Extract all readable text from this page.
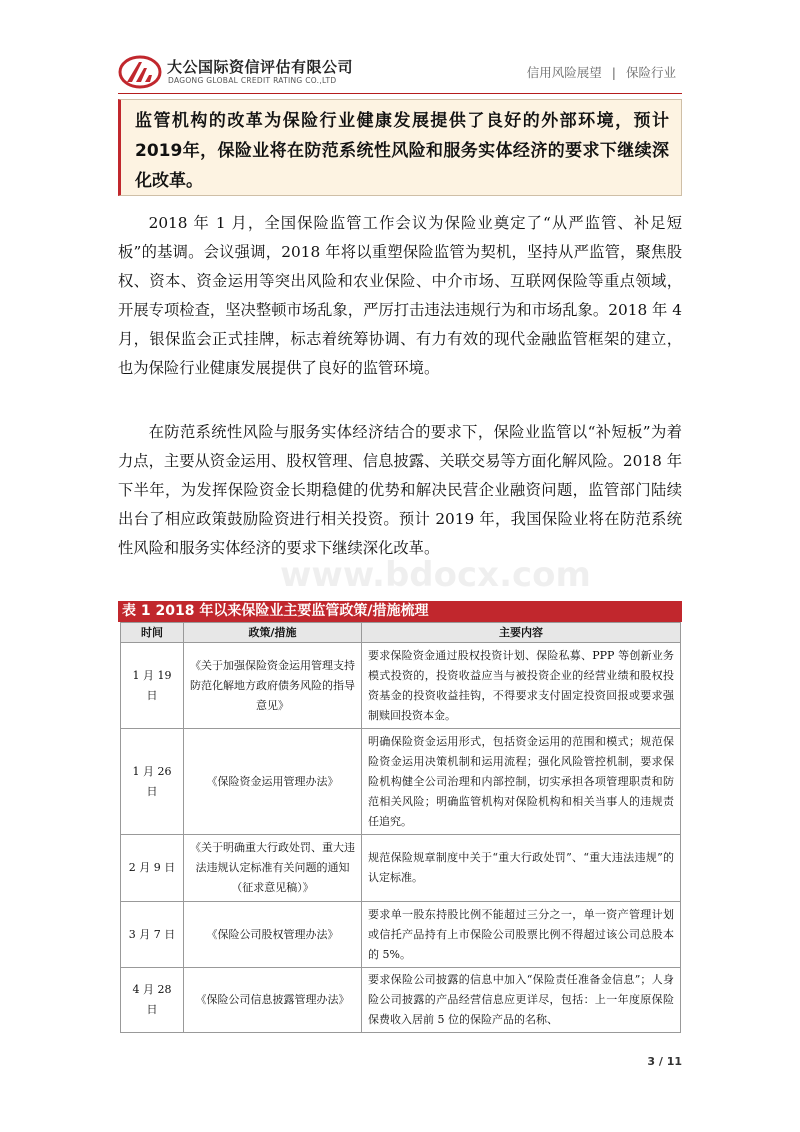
大公国际资信评估有限公司
DAGONG GLOBAL CREDIT RATING CO.,LTD
信用风险展望 | 保险行业
监管机构的改革为保险行业健康发展提供了良好的外部环境，预计2019年，保险业将在防范系统性风险和服务实体经济的要求下继续深化改革。

2018 年 1 月，全国保险监管工作会议为保险业奠定了“从严监管、补足短板”的基调。会议强调，2018 年将以重塑保险监管为契机，坚持从严监管，聚焦股权、资本、资金运用等突出风险和农业保险、中介市场、互联网保险等重点领域，开展专项检查，坚决整顿市场乱象，严厉打击违法违规行为和市场乱象。2018 年 4 月，银保监会正式挂牌，标志着统筹协调、有力有效的现代金融监管框架的建立，也为保险行业健康发展提供了良好的监管环境。

在防范系统性风险与服务实体经济结合的要求下，保险业监管以“补短板”为着力点，主要从资金运用、股权管理、信息披露、关联交易等方面化解风险。2018 年下半年，为发挥保险资金长期稳健的优势和解决民营企业融资问题，监管部门陆续出台了相应政策鼓励险资进行相关投资。预计 2019 年，我国保险业将在防范系统性风险和服务实体经济的要求下继续深化改革。

表 1 2018 年以来保险业主要监管政策/措施梳理
时间	政策/措施	主要内容
1 月 19 日	《关于加强保险资金运用管理支持防范化解地方政府债务风险的指导意见》	要求保险资金通过股权投资计划、保险私募、PPP 等创新业务模式投资的，投资收益应当与被投资企业的经营业绩和股权投资基金的投资收益挂钩，不得要求支付固定投资回报或要求强制赎回投资本金。
1 月 26 日	《保险资金运用管理办法》	明确保险资金运用形式，包括资金运用的范围和模式；规范保险资金运用决策机制和运用流程；强化风险管控机制，要求保险机构健全公司治理和内部控制，切实承担各项管理职责和防范相关风险；明确监管机构对保险机构和相关当事人的违规责任追究。
2 月 9 日	《关于明确重大行政处罚、重大违法违规认定标准有关问题的通知（征求意见稿）》	规范保险规章制度中关于“重大行政处罚”、“重大违法违规”的认定标准。
3 月 7 日	《保险公司股权管理办法》	要求单一股东持股比例不能超过三分之一，单一资产管理计划或信托产品持有上市保险公司股票比例不得超过该公司总股本的 5%。
4 月 28 日	《保险公司信息披露管理办法》	要求保险公司披露的信息中加入“保险责任准备金信息”；人身险公司披露的产品经营信息应更详尽，包括：上一年度原保险保费收入居前 5 位的保险产品的名称、
www.bdocx.com
3 / 11
